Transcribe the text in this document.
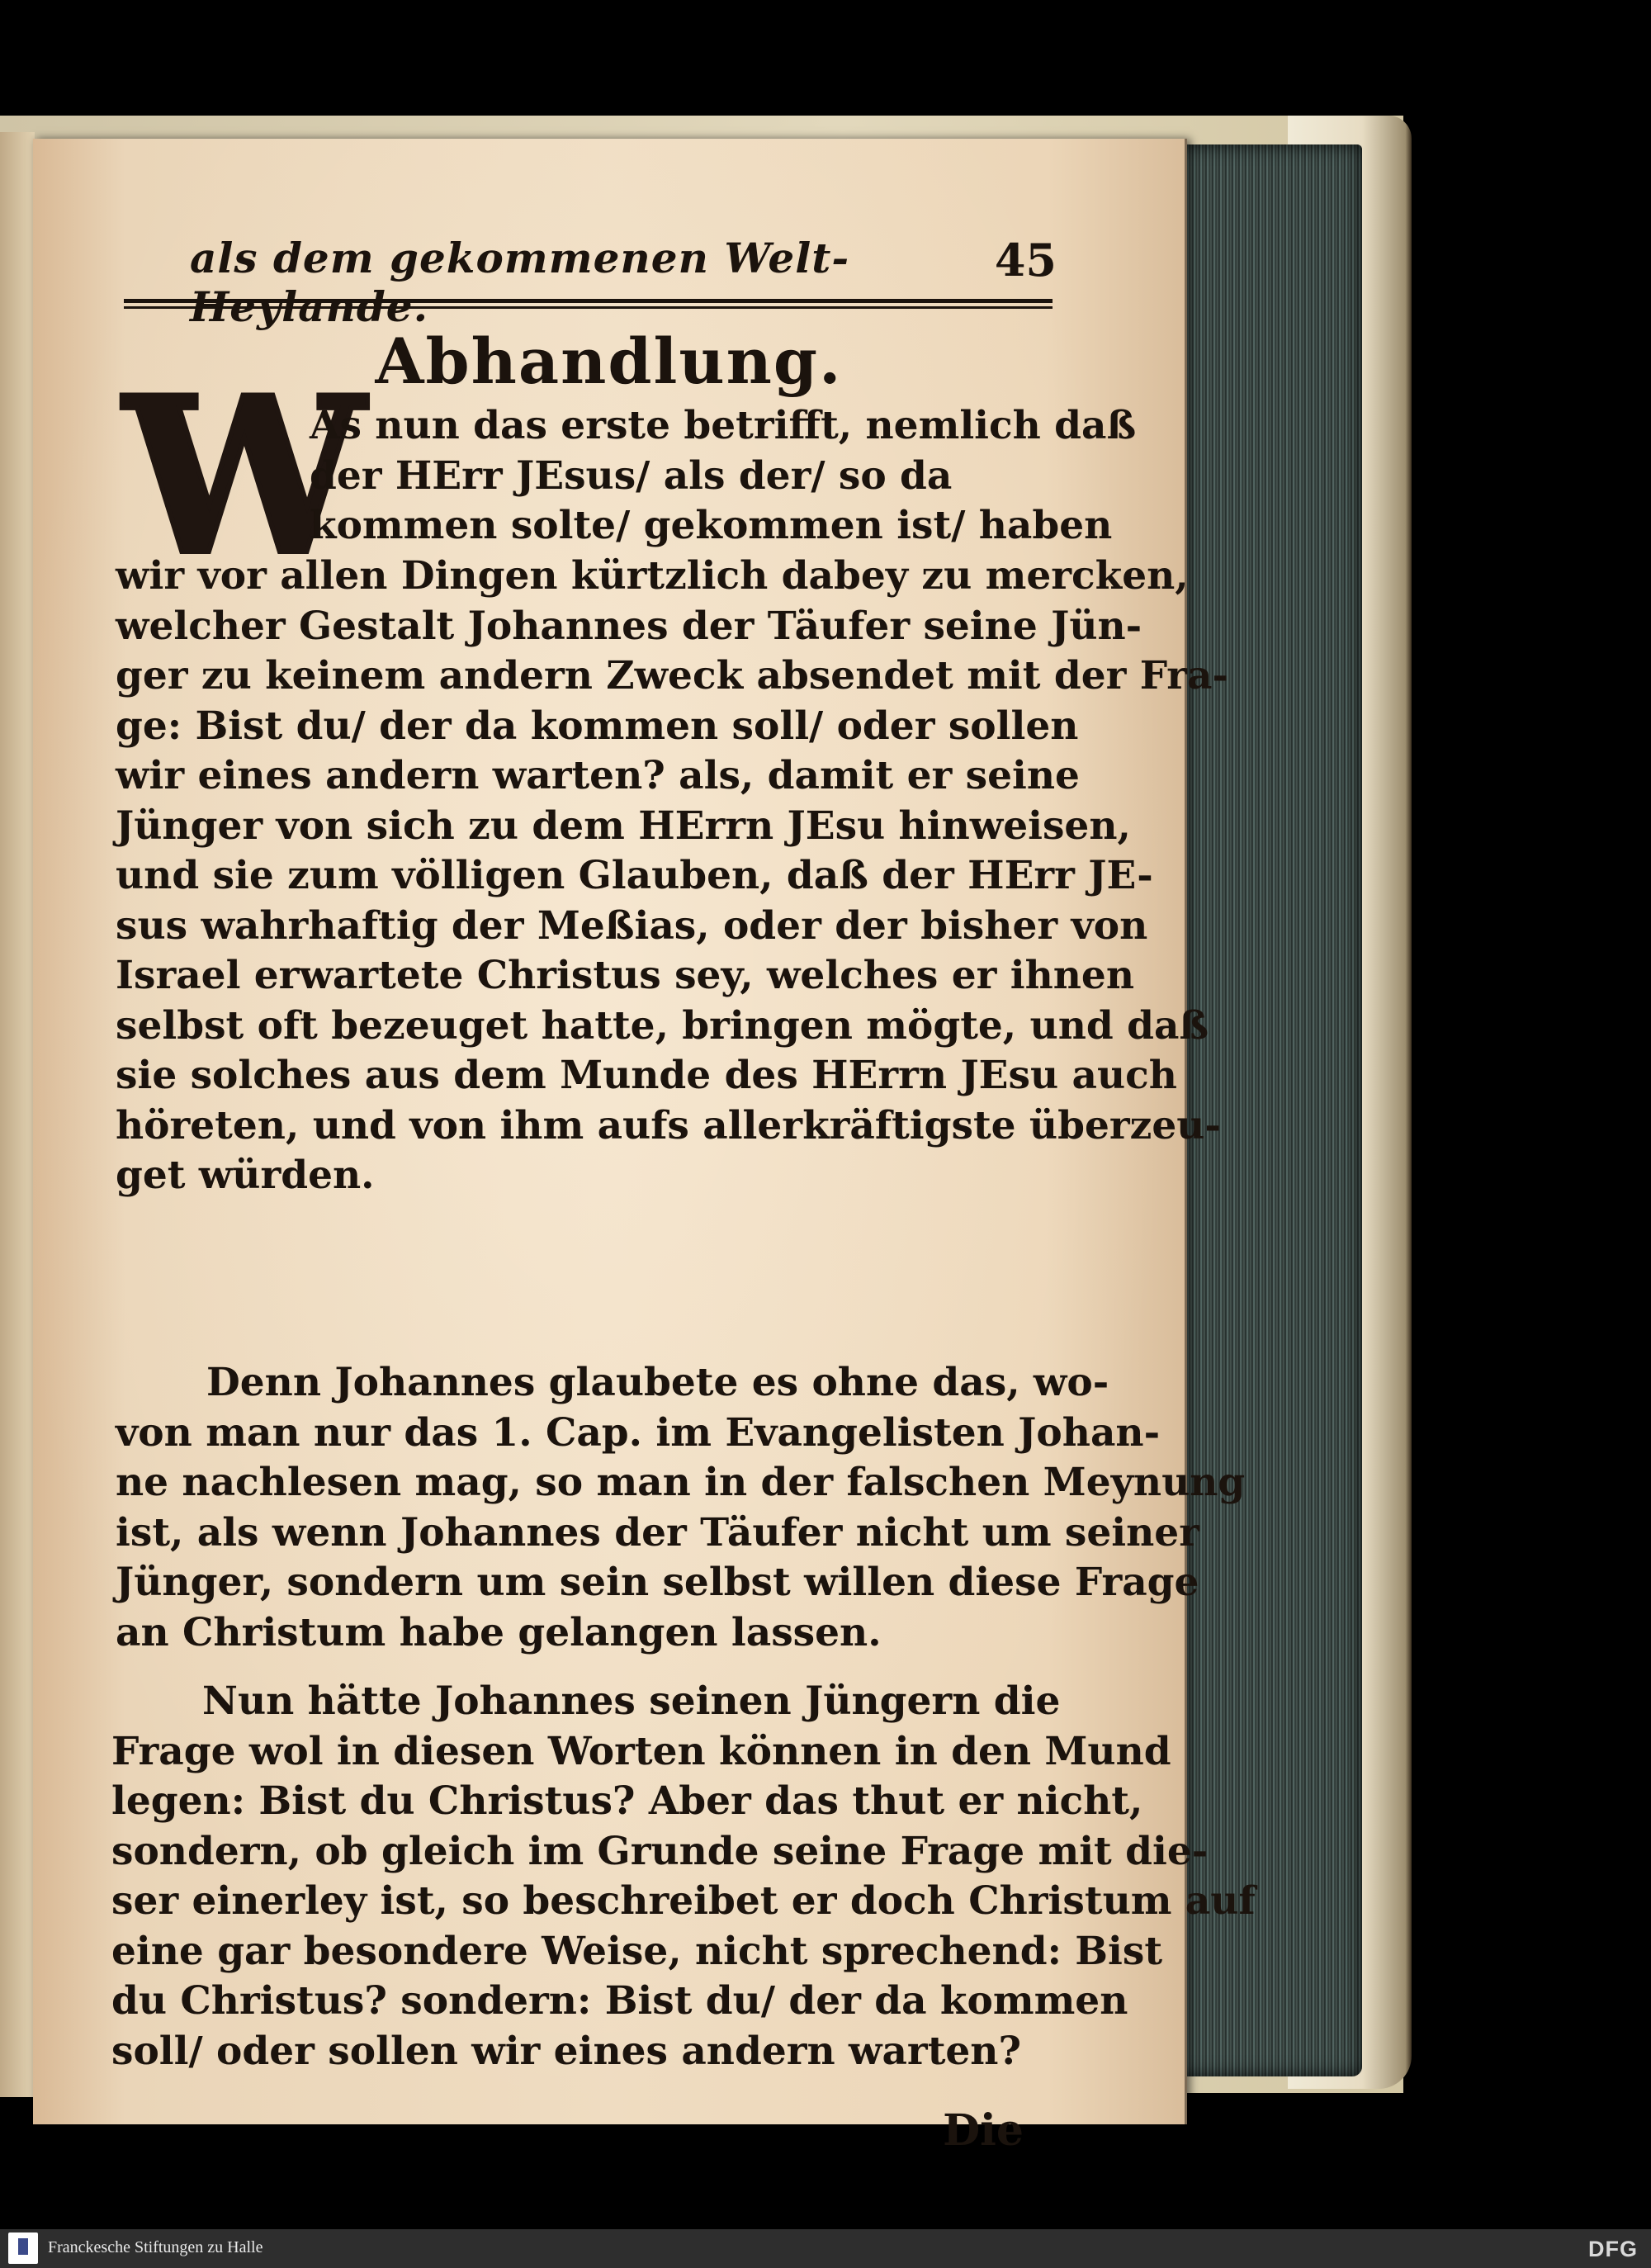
als dem gekommenen Welt-Heylande.
45
Abhandlung.
W
As nun das erste betrifft, nemlich daß
der HErr JEsus/ als der/ so da
kommen solte/ gekommen ist/ haben
wir vor allen Dingen kürtzlich dabey zu mercken,
welcher Gestalt Johannes der Täufer seine Jün-
ger zu keinem andern Zweck absendet mit der Fra-
ge: Bist du/ der da kommen soll/ oder sollen
wir eines andern warten? als, damit er seine
Jünger von sich zu dem HErrn JEsu hinweisen,
und sie zum völligen Glauben, daß der HErr JE-
sus wahrhaftig der Meßias, oder der bisher von
Israel erwartete Christus sey, welches er ihnen
selbst oft bezeuget hatte, bringen mögte, und daß
sie solches aus dem Munde des HErrn JEsu auch
höreten, und von ihm aufs allerkräftigste überzeu-
get würden.
Denn Johannes glaubete es ohne das, wo-
von man nur das 1. Cap. im Evangelisten Johan-
ne nachlesen mag, so man in der falschen Meynung
ist, als wenn Johannes der Täufer nicht um seiner
Jünger, sondern um sein selbst willen diese Frage
an Christum habe gelangen lassen.
Nun hätte Johannes seinen Jüngern die
Frage wol in diesen Worten können in den Mund
legen: Bist du Christus? Aber das thut er nicht,
sondern, ob gleich im Grunde seine Frage mit die-
ser einerley ist, so beschreibet er doch Christum auf
eine gar besondere Weise, nicht sprechend: Bist
du Christus? sondern: Bist du/ der da kommen
soll/ oder sollen wir eines andern warten?
Die
Franckesche Stiftungen zu Halle	DFG
